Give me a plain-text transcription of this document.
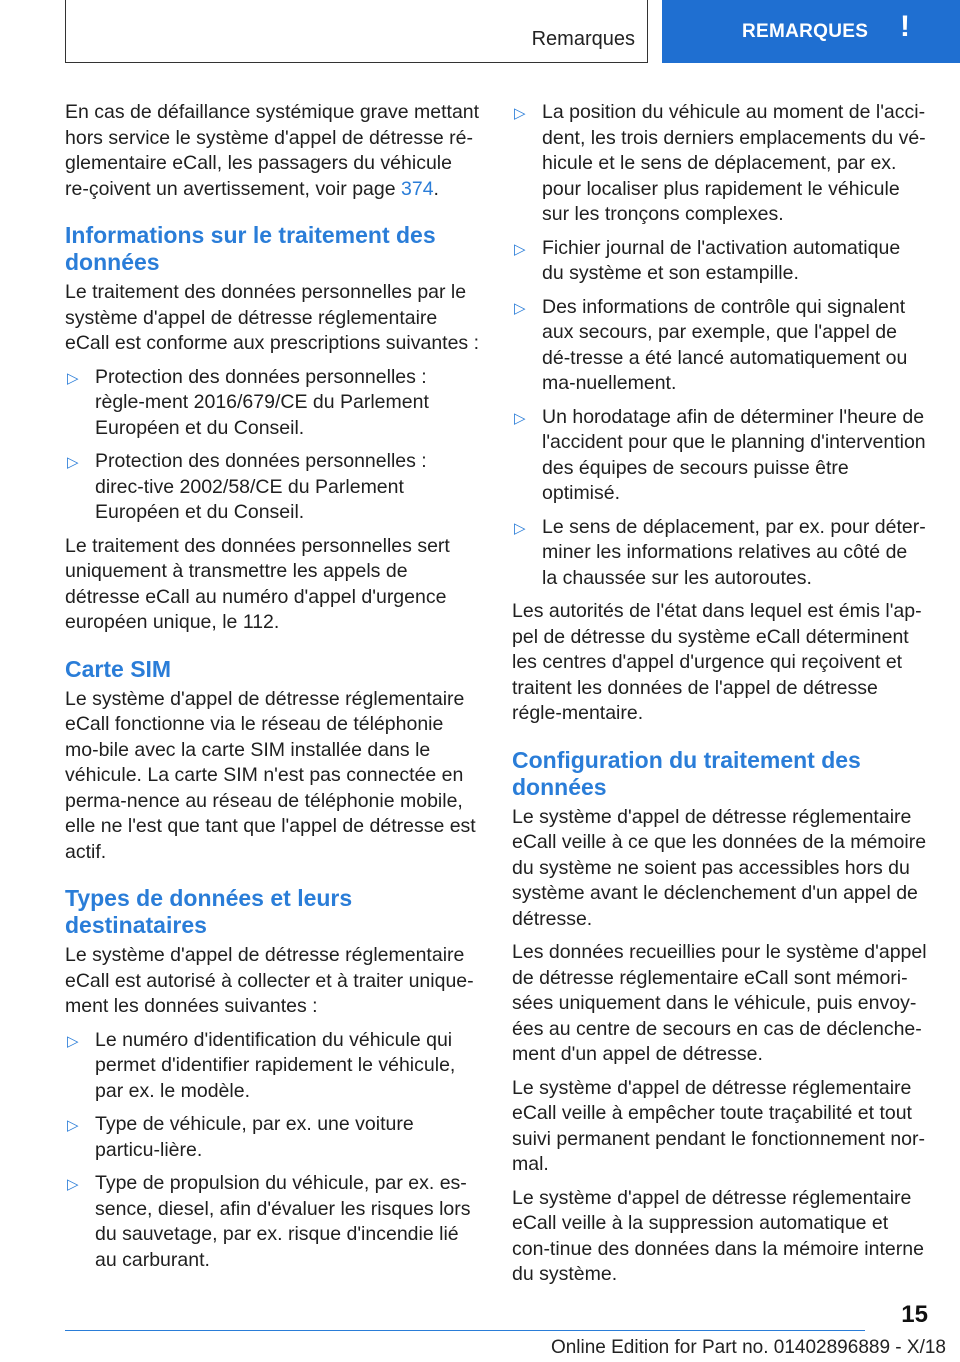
Remarques	REMARQUES !

En cas de défaillance systémique grave mettant hors service le système d'appel de détresse ré-glementaire eCall, les passagers du véhicule re-çoivent un avertissement, voir page 374.

Informations sur le traitement des données

Le traitement des données personnelles par le système d'appel de détresse réglementaire eCall est conforme aux prescriptions suivantes :

▷ Protection des données personnelles : règle-ment 2016/679/CE du Parlement Européen et du Conseil.
▷ Protection des données personnelles : direc-tive 2002/58/CE du Parlement Européen et du Conseil.

Le traitement des données personnelles sert uniquement à transmettre les appels de détresse eCall au numéro d'appel d'urgence européen unique, le 112.

Carte SIM

Le système d'appel de détresse réglementaire eCall fonctionne via le réseau de téléphonie mo-bile avec la carte SIM installée dans le véhicule. La carte SIM n'est pas connectée en perma-nence au réseau de téléphonie mobile, elle ne l'est que tant que l'appel de détresse est actif.

Types de données et leurs destinataires

Le système d'appel de détresse réglementaire eCall est autorisé à collecter et à traiter unique-ment les données suivantes :

▷ Le numéro d'identification du véhicule qui permet d'identifier rapidement le véhicule, par ex. le modèle.
▷ Type de véhicule, par ex. une voiture particu-lière.
▷ Type de propulsion du véhicule, par ex. es-sence, diesel, afin d'évaluer les risques lors du sauvetage, par ex. risque d'incendie lié au carburant.
▷ La position du véhicule au moment de l'acci-dent, les trois derniers emplacements du vé-hicule et le sens de déplacement, par ex. pour localiser plus rapidement le véhicule sur les tronçons complexes.
▷ Fichier journal de l'activation automatique du système et son estampille.
▷ Des informations de contrôle qui signalent aux secours, par exemple, que l'appel de dé-tresse a été lancé automatiquement ou ma-nuellement.
▷ Un horodatage afin de déterminer l'heure de l'accident pour que le planning d'intervention des équipes de secours puisse être optimisé.
▷ Le sens de déplacement, par ex. pour déter-miner les informations relatives au côté de la chaussée sur les autoroutes.

Les autorités de l'état dans lequel est émis l'ap-pel de détresse du système eCall déterminent les centres d'appel d'urgence qui reçoivent et traitent les données de l'appel de détresse régle-mentaire.

Configuration du traitement des données

Le système d'appel de détresse réglementaire eCall veille à ce que les données de la mémoire du système ne soient pas accessibles hors du système avant le déclenchement d'un appel de détresse.

Les données recueillies pour le système d'appel de détresse réglementaire eCall sont mémori-sées uniquement dans le véhicule, puis envoy-ées au centre de secours en cas de déclenche-ment d'un appel de détresse.

Le système d'appel de détresse réglementaire eCall veille à empêcher toute traçabilité et tout suivi permanent pendant le fonctionnement nor-mal.

Le système d'appel de détresse réglementaire eCall veille à la suppression automatique et con-tinue des données dans la mémoire interne du système.

15
Online Edition for Part no. 01402896889 - X/18
